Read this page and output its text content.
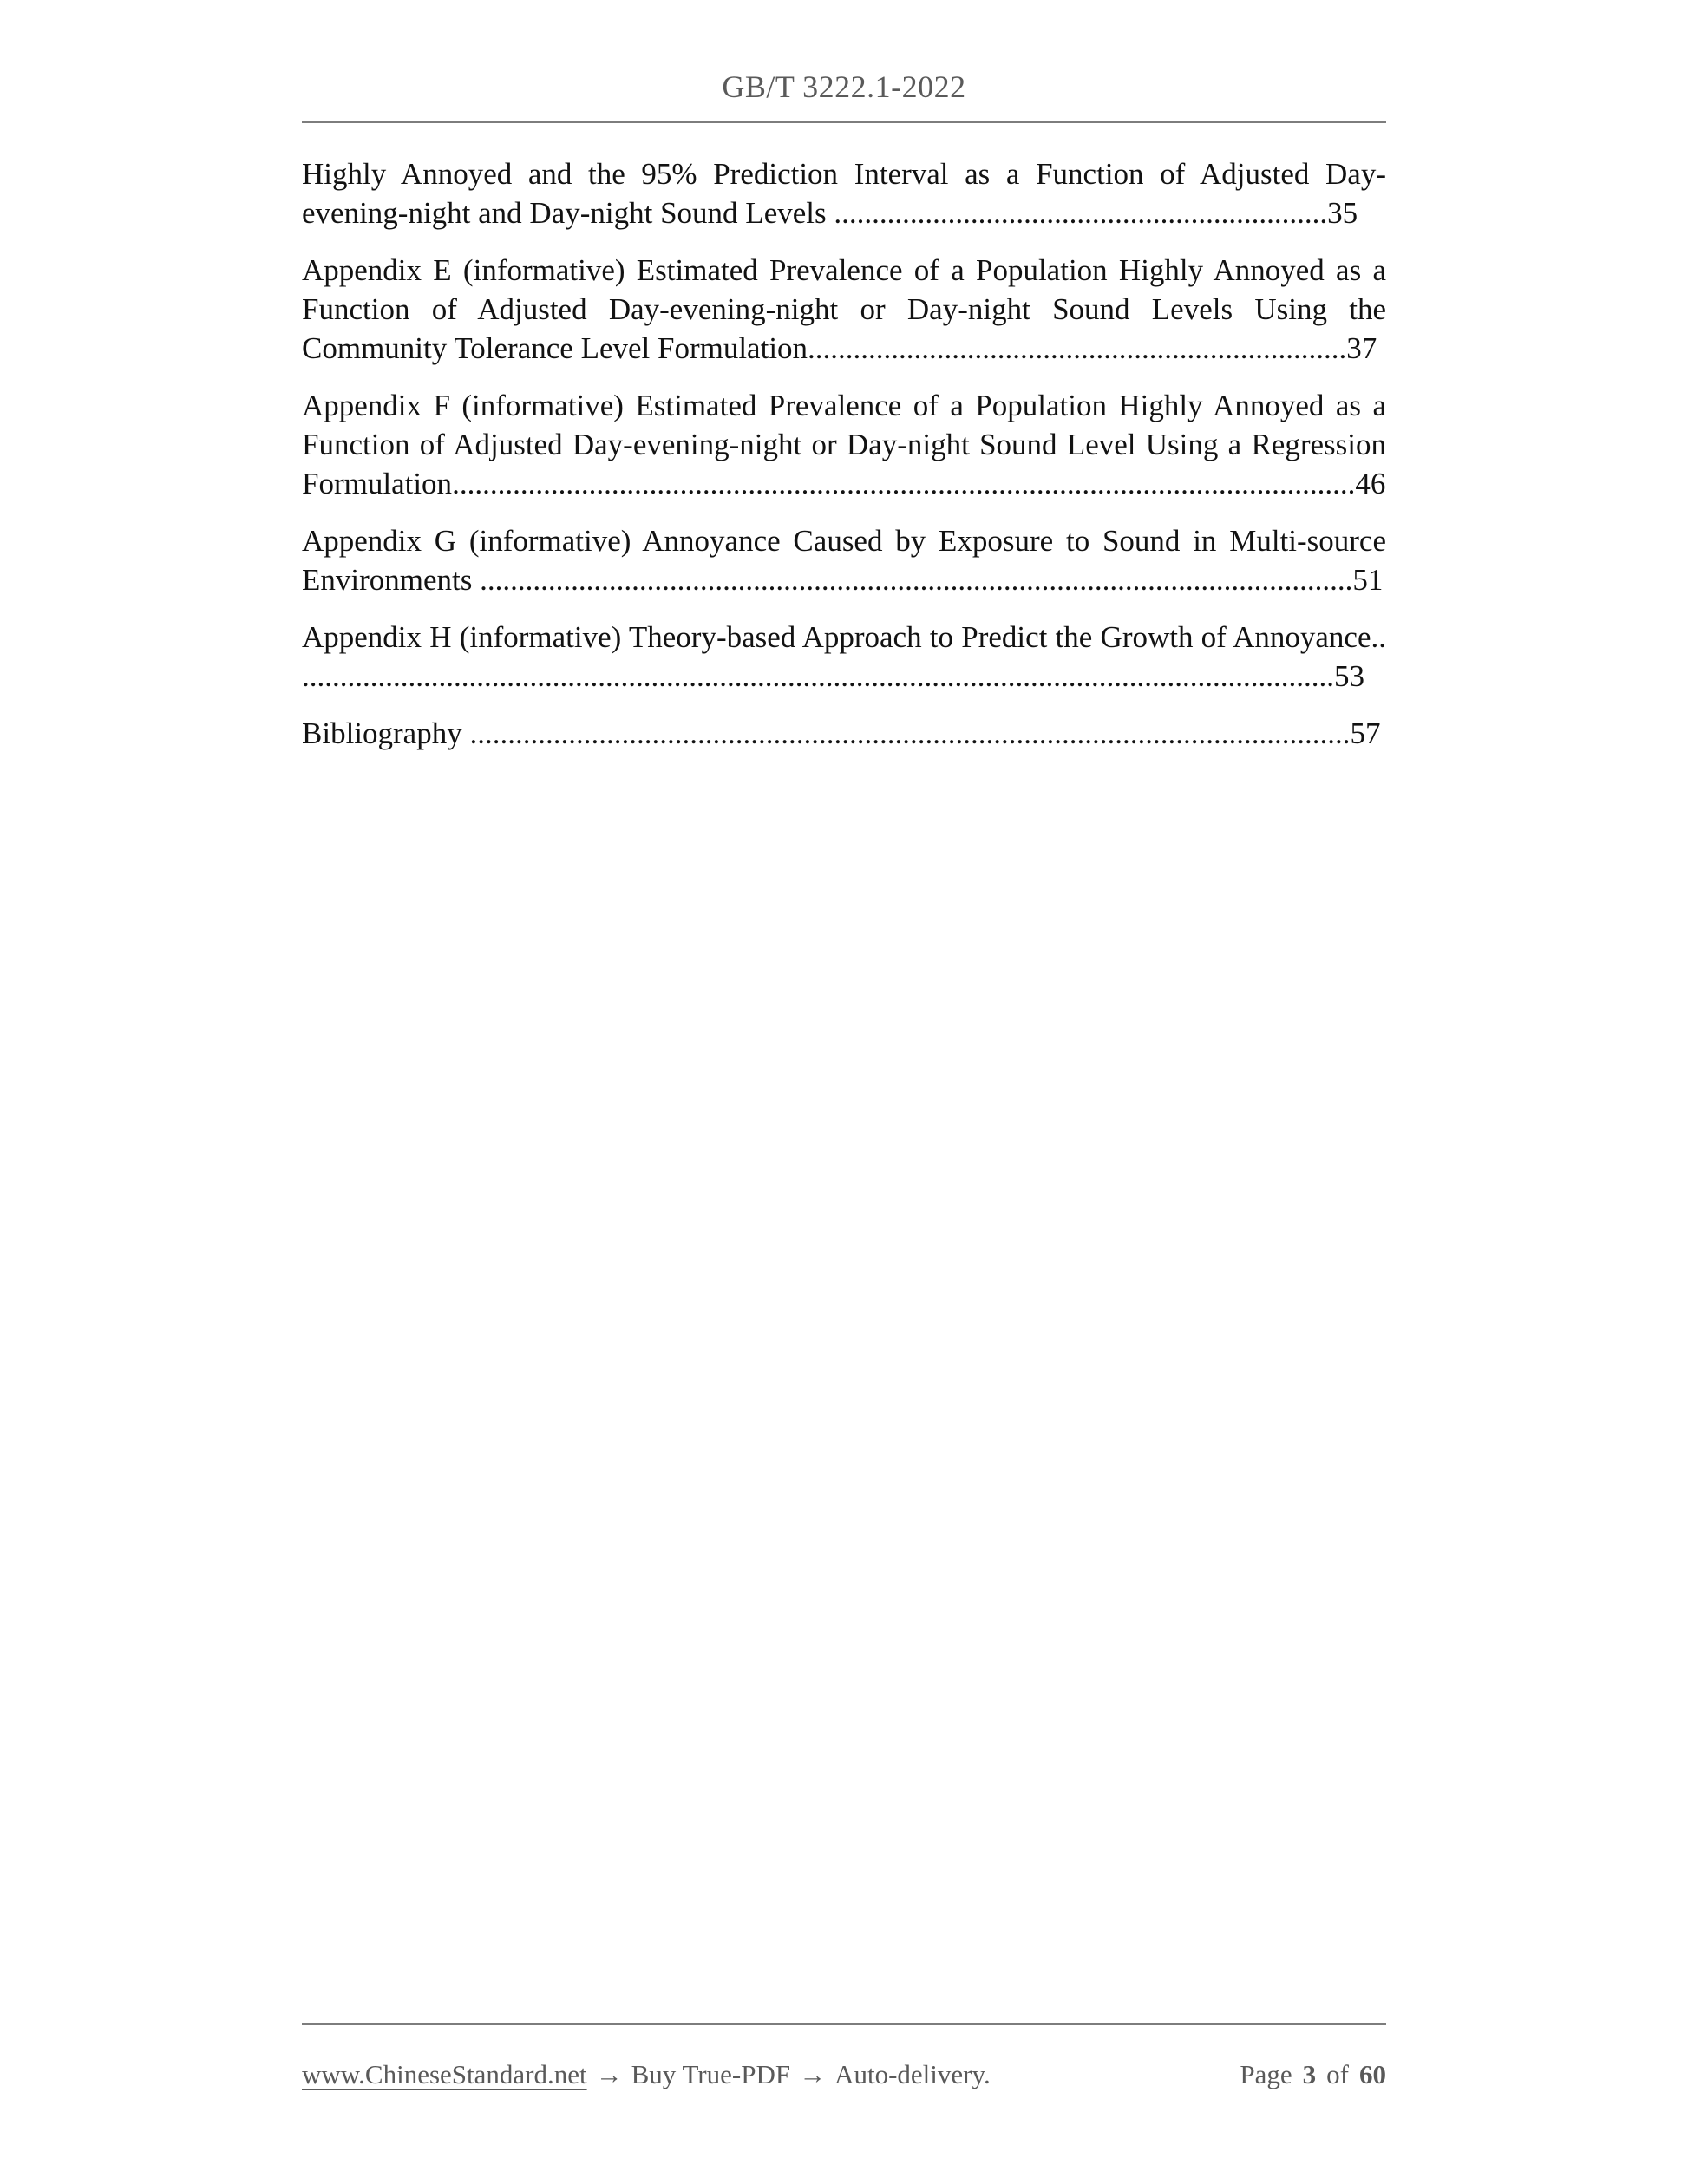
GB/T 3222.1-2022

Highly Annoyed and the 95% Prediction Interval as a Function of Adjusted Day-evening-night and Day-night Sound Levels .​.​.​.​.​.​.​.​.​.​.​.​.​.​.​.​.​.​.​.​.​.​.​.​.​.​.​.​.​.​.​.​.​.​.​.​.​.​.​.​.​.​.​.​.​.​.​.​.​.​.​.​.​.​.​.​.​.​.​.​.​.​.​.​.35

Appendix E (informative) Estimated Prevalence of a Population Highly Annoyed as a Function of Adjusted Day-evening-night or Day-night Sound Levels Using the Community Tolerance Level Formulation.​.​.​.​.​.​.​.​.​.​.​.​.​.​.​.​.​.​.​.​.​.​.​.​.​.​.​.​.​.​.​.​.​.​.​.​.​.​.​.​.​.​.​.​.​.​.​.​.​.​.​.​.​.​.​.​.​.​.​.​.​.​.​.​.​.​.​.​.​.​.37

Appendix F (informative) Estimated Prevalence of a Population Highly Annoyed as a Function of Adjusted Day-evening-night or Day-night Sound Level Using a Regression Formulation.​.​.​.​.​.​.​.​.​.​.​.​.​.​.​.​.​.​.​.​.​.​.​.​.​.​.​.​.​.​.​.​.​.​.​.​.​.​.​.​.​.​.​.​.​.​.​.​.​.​.​.​.​.​.​.​.​.​.​.​.​.​.​.​.​.​.​.​.​.​.​.​.​.​.​.​.​.​.​.​.​.​.​.​.​.​.​.​.​.​.​.​.​.​.​.​.​.​.​.​.​.​.​.​.​.​.​.​.​.​.​.​.​.​.​.​.​.​.46

Appendix G (informative) Annoyance Caused by Exposure to Sound in Multi-source Environments .​.​.​.​.​.​.​.​.​.​.​.​.​.​.​.​.​.​.​.​.​.​.​.​.​.​.​.​.​.​.​.​.​.​.​.​.​.​.​.​.​.​.​.​.​.​.​.​.​.​.​.​.​.​.​.​.​.​.​.​.​.​.​.​.​.​.​.​.​.​.​.​.​.​.​.​.​.​.​.​.​.​.​.​.​.​.​.​.​.​.​.​.​.​.​.​.​.​.​.​.​.​.​.​.​.​.​.​.​.​.​.​.​.​.51

Appendix H (informative) Theory-based Approach to Predict the Growth of Annoyance.​.​.​.​.​.​.​.​.​.​.​.​.​.​.​.​.​.​.​.​.​.​.​.​.​.​.​.​.​.​.​.​.​.​.​.​.​.​.​.​.​.​.​.​.​.​.​.​.​.​.​.​.​.​.​.​.​.​.​.​.​.​.​.​.​.​.​.​.​.​.​.​.​.​.​.​.​.​.​.​.​.​.​.​.​.​.​.​.​.​.​.​.​.​.​.​.​.​.​.​.​.​.​.​.​.​.​.​.​.​.​.​.​.​.​.​.​.​.​.​.​.​.​.​.​.​.​.​.​.​.​.​.​.​.​.​.​.53

Bibliography .​.​.​.​.​.​.​.​.​.​.​.​.​.​.​.​.​.​.​.​.​.​.​.​.​.​.​.​.​.​.​.​.​.​.​.​.​.​.​.​.​.​.​.​.​.​.​.​.​.​.​.​.​.​.​.​.​.​.​.​.​.​.​.​.​.​.​.​.​.​.​.​.​.​.​.​.​.​.​.​.​.​.​.​.​.​.​.​.​.​.​.​.​.​.​.​.​.​.​.​.​.​.​.​.​.​.​.​.​.​.​.​.​.​.​.57

www.ChineseStandard.net → Buy True-PDF → Auto-delivery.	Page 3 of 60
